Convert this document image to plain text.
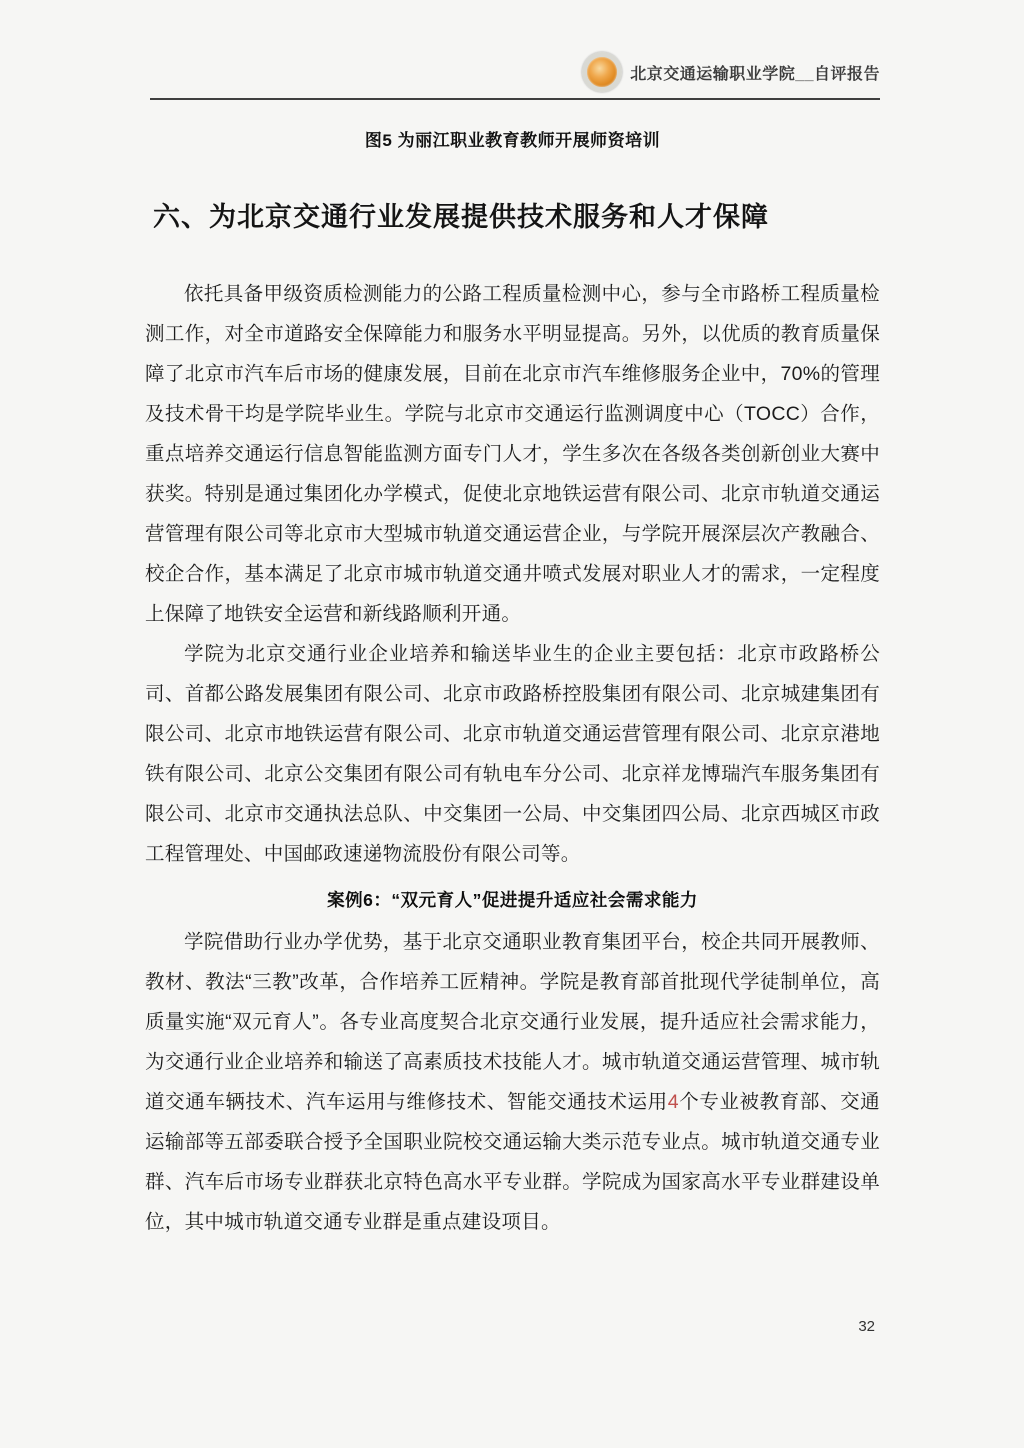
北京交通运输职业学院__自评报告
图5 为丽江职业教育教师开展师资培训
六、为北京交通行业发展提供技术服务和人才保障

依托具备甲级资质检测能力的公路工程质量检测中心，参与全市路桥工程质量检测工作，对全市道路安全保障能力和服务水平明显提高。另外，以优质的教育质量保障了北京市汽车后市场的健康发展，目前在北京市汽车维修服务企业中，70%的管理及技术骨干均是学院毕业生。学院与北京市交通运行监测调度中心（TOCC）合作，重点培养交通运行信息智能监测方面专门人才，学生多次在各级各类创新创业大赛中获奖。特别是通过集团化办学模式，促使北京地铁运营有限公司、北京市轨道交通运营管理有限公司等北京市大型城市轨道交通运营企业，与学院开展深层次产教融合、校企合作，基本满足了北京市城市轨道交通井喷式发展对职业人才的需求，一定程度上保障了地铁安全运营和新线路顺利开通。

学院为北京交通行业企业培养和输送毕业生的企业主要包括：北京市政路桥公司、首都公路发展集团有限公司、北京市政路桥控股集团有限公司、北京城建集团有限公司、北京市地铁运营有限公司、北京市轨道交通运营管理有限公司、北京京港地铁有限公司、北京公交集团有限公司有轨电车分公司、北京祥龙博瑞汽车服务集团有限公司、北京市交通执法总队、中交集团一公局、中交集团四公局、北京西城区市政工程管理处、中国邮政速递物流股份有限公司等。

案例6：“双元育人”促进提升适应社会需求能力

学院借助行业办学优势，基于北京交通职业教育集团平台，校企共同开展教师、教材、教法“三教”改革，合作培养工匠精神。学院是教育部首批现代学徒制单位，高质量实施“双元育人”。各专业高度契合北京交通行业发展，提升适应社会需求能力，为交通行业企业培养和输送了高素质技术技能人才。城市轨道交通运营管理、城市轨道交通车辆技术、汽车运用与维修技术、智能交通技术运用4个专业被教育部、交通运输部等五部委联合授予全国职业院校交通运输大类示范专业点。城市轨道交通专业群、汽车后市场专业群获北京特色高水平专业群。学院成为国家高水平专业群建设单位，其中城市轨道交通专业群是重点建设项目。

32
